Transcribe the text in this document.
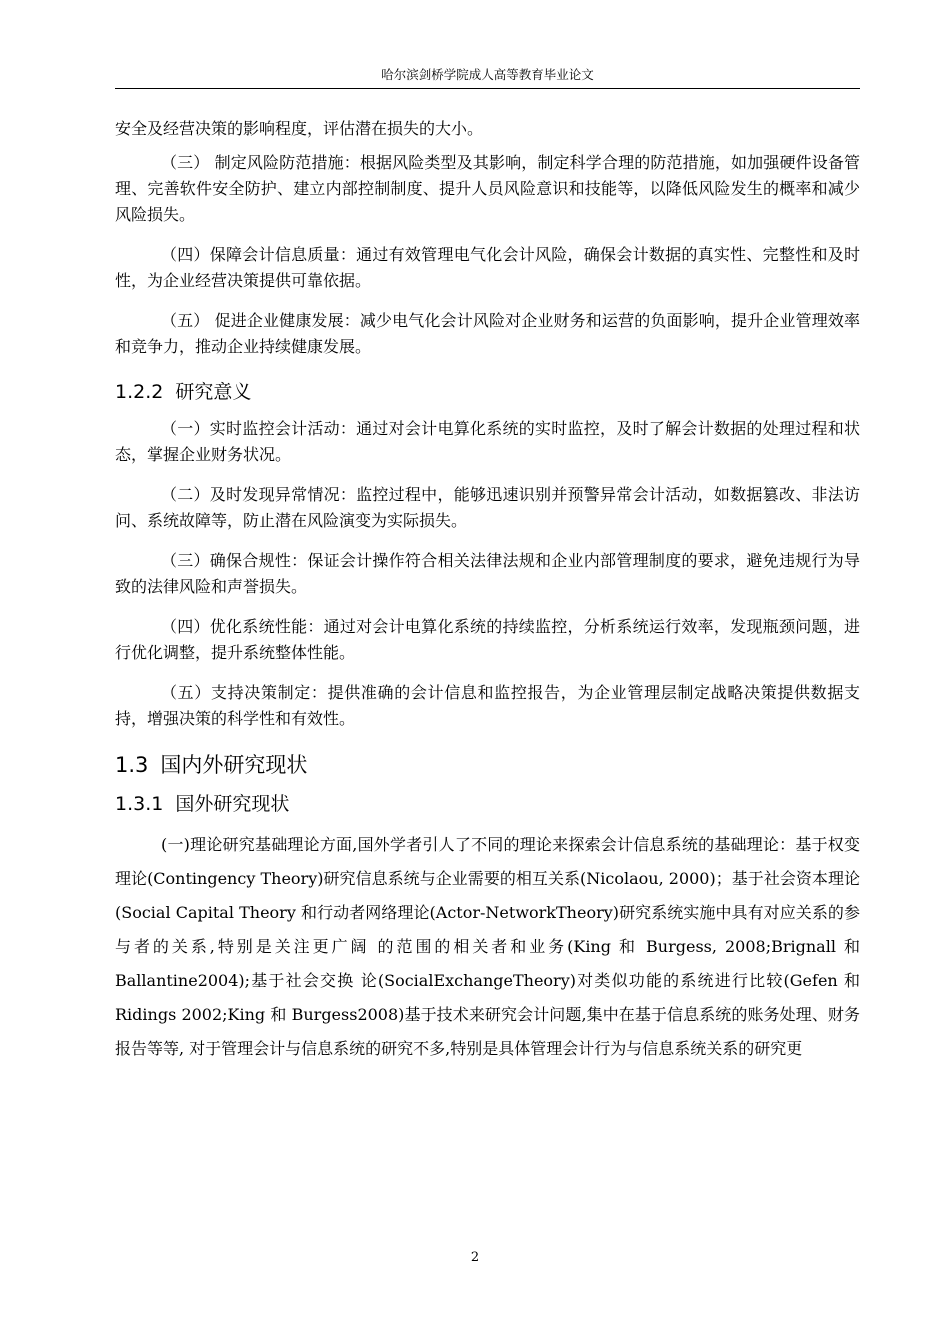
哈尔滨剑桥学院成人高等教育毕业论文

安全及经营决策的影响程度，评估潜在损失的大小。

（三） 制定风险防范措施：根据风险类型及其影响，制定科学合理的防范措施，如加强硬件设备管理、完善软件安全防护、建立内部控制制度、提升人员风险意识和技能等，以降低风险发生的概率和减少风险损失。

（四）保障会计信息质量：通过有效管理电气化会计风险，确保会计数据的真实性、完整性和及时性，为企业经营决策提供可靠依据。

（五） 促进企业健康发展：减少电气化会计风险对企业财务和运营的负面影响，提升企业管理效率和竞争力，推动企业持续健康发展。

1.2.2 研究意义

（一）实时监控会计活动：通过对会计电算化系统的实时监控，及时了解会计数据的处理过程和状态，掌握企业财务状况。

（二）及时发现异常情况：监控过程中，能够迅速识别并预警异常会计活动，如数据篡改、非法访问、系统故障等，防止潜在风险演变为实际损失。

（三）确保合规性：保证会计操作符合相关法律法规和企业内部管理制度的要求，避免违规行为导致的法律风险和声誉损失。

（四）优化系统性能：通过对会计电算化系统的持续监控，分析系统运行效率，发现瓶颈问题，进行优化调整，提升系统整体性能。

（五）支持决策制定：提供准确的会计信息和监控报告，为企业管理层制定战略决策提供数据支持，增强决策的科学性和有效性。

1.3 国内外研究现状
1.3.1 国外研究现状

(一)理论研究基础理论方面,国外学者引人了不同的理论来探索会计信息系统的基础理论：基于权变理论(Contingency Theory)研究信息系统与企业需要的相互关系(Nicolaou, 2000)；基于社会资本理论(Social Capital Theory 和行动者网络理论(Actor-NetworkTheory)研究系统实施中具有对应关系的参与者的关系,特别是关注更广阔 的范围的相关者和业务(King 和 Burgess, 2008;Brignall 和 Ballantine2004);基于社会交换 论(SocialExchangeTheory)对类似功能的系统进行比较(Gefen 和 Ridings 2002;King 和 Burgess2008)基于技术来研究会计问题,集中在基于信息系统的账务处理、财务报告等等, 对于管理会计与信息系统的研究不多,特别是具体管理会计行为与信息系统关系的研究更

2
